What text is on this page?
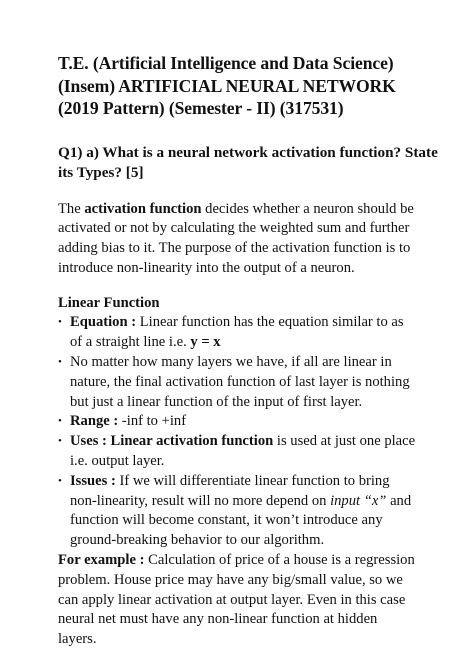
T.E. (Artificial Intelligence and Data Science)
(Insem) ARTIFICIAL NEURAL NETWORK
(2019 Pattern) (Semester - II) (317531)
Q1) a) What is a neural network activation function? State
its Types? [5]
The activation function decides whether a neuron should be
activated or not by calculating the weighted sum and further
adding bias to it. The purpose of the activation function is to
introduce non-linearity into the output of a neuron.
Linear Function
• Equation : Linear function has the equation similar to as
of a straight line i.e. y = x
• No matter how many layers we have, if all are linear in
nature, the final activation function of last layer is nothing
but just a linear function of the input of first layer.
• Range : -inf to +inf
• Uses : Linear activation function is used at just one place
i.e. output layer.
• Issues : If we will differentiate linear function to bring
non-linearity, result will no more depend on input “x” and
function will become constant, it won’t introduce any
ground-breaking behavior to our algorithm.
For example : Calculation of price of a house is a regression
problem. House price may have any big/small value, so we
can apply linear activation at output layer. Even in this case
neural net must have any non-linear function at hidden
layers.
